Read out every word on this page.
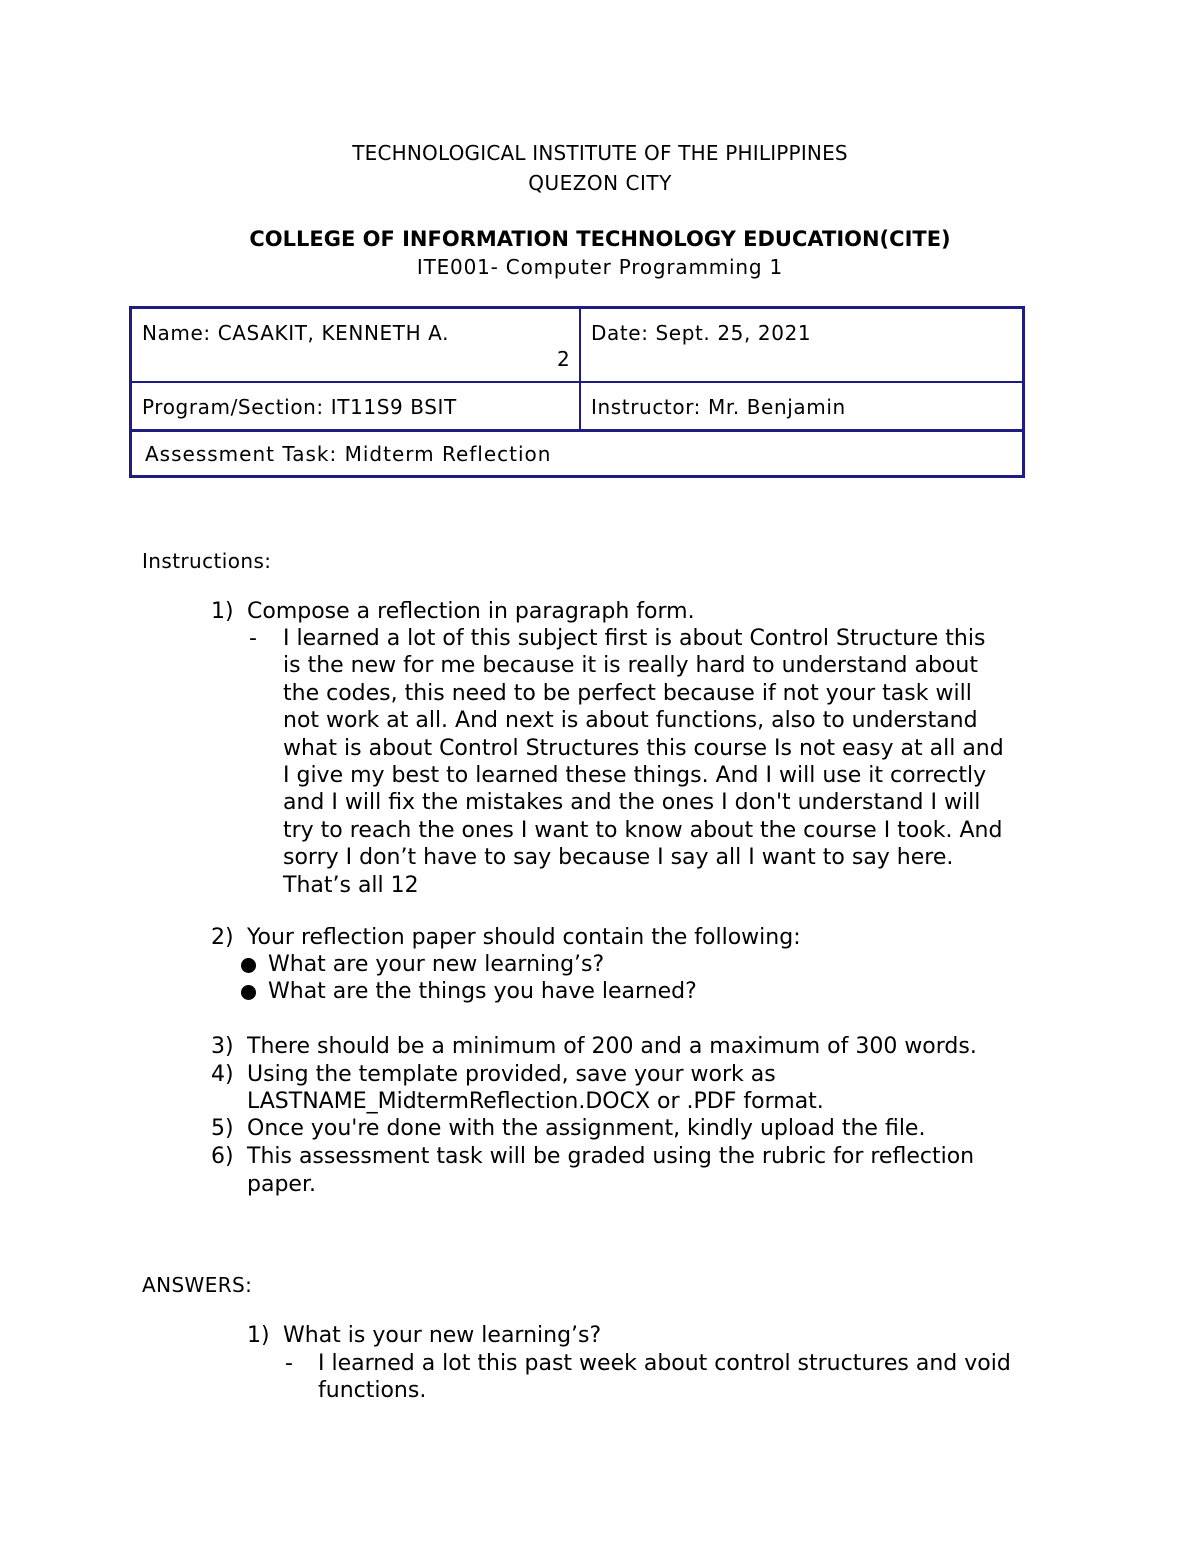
TECHNOLOGICAL INSTITUTE OF THE PHILIPPINES
QUEZON CITY
COLLEGE OF INFORMATION TECHNOLOGY EDUCATION(CITE)
ITE001- Computer Programming 1
Name: CASAKIT, KENNETH A.
2
Date: Sept. 25, 2021
Program/Section: IT11S9 BSIT	Instructor: Mr. Benjamin
Assessment Task: Midterm Reflection
Instructions:
1) Compose a reflection in paragraph form.
- I learned a lot of this subject first is about Control Structure this
is the new for me because it is really hard to understand about
the codes, this need to be perfect because if not your task will
not work at all. And next is about functions, also to understand
what is about Control Structures this course Is not easy at all and
I give my best to learned these things. And I will use it correctly
and I will fix the mistakes and the ones I don't understand I will
try to reach the ones I want to know about the course I took. And
sorry I don’t have to say because I say all I want to say here.
That’s all 12
2) Your reflection paper should contain the following:
What are your new learning’s?
What are the things you have learned?
3) There should be a minimum of 200 and a maximum of 300 words.
4) Using the template provided, save your work as
LASTNAME_MidtermReflection.DOCX or .PDF format.
5) Once you're done with the assignment, kindly upload the file.
6) This assessment task will be graded using the rubric for reflection
paper.
ANSWERS:
1) What is your new learning’s?
- I learned a lot this past week about control structures and void
functions.
